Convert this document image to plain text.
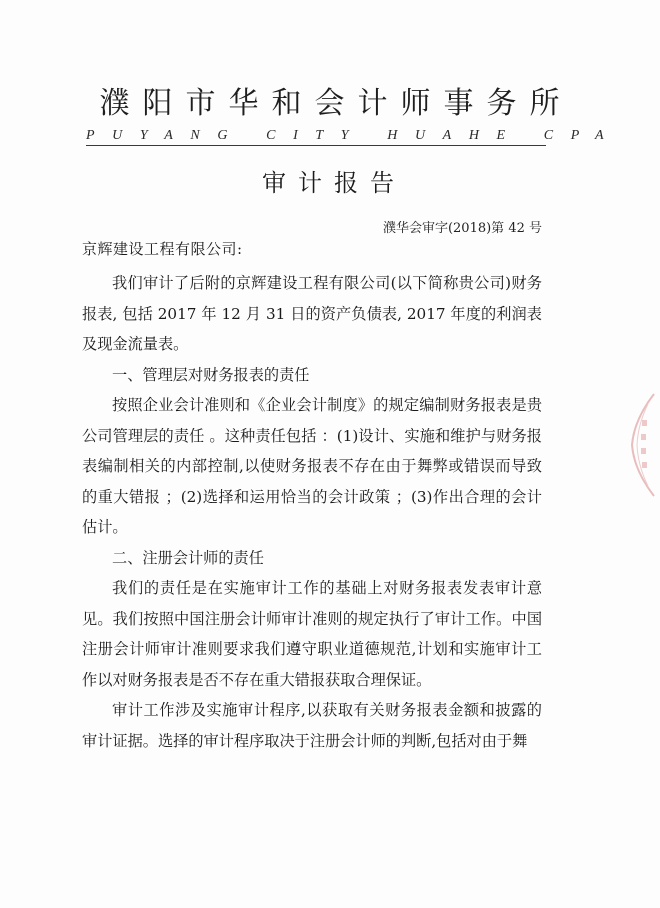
濮阳市华和会计师事务所
PUYANG CITY HUAHE CPA
审计报告
濮华会审字(2018)第 42 号
京辉建设工程有限公司:

我们审计了后附的京辉建设工程有限公司(以下简称贵公司)财务报表, 包括 2017 年 12 月 31 日的资产负债表, 2017 年度的利润表及现金流量表。

一、管理层对财务报表的责任

按照企业会计准则和《企业会计制度》的规定编制财务报表是贵公司管理层的责任 。这种责任包括 ：(1)设计、实施和维护与财务报表编制相关的内部控制,以使财务报表不存在由于舞弊或错误而导致的重大错报 ；(2)选择和运用恰当的会计政策 ；(3)作出合理的会计估计。

二、注册会计师的责任

我们的责任是在实施审计工作的基础上对财务报表发表审计意见。我们按照中国注册会计师审计准则的规定执行了审计工作。中国注册会计师审计准则要求我们遵守职业道德规范,计划和实施审计工作以对财务报表是否不存在重大错报获取合理保证。

审计工作涉及实施审计程序,以获取有关财务报表金额和披露的审计证据。选择的审计程序取决于注册会计师的判断,包括对由于舞
